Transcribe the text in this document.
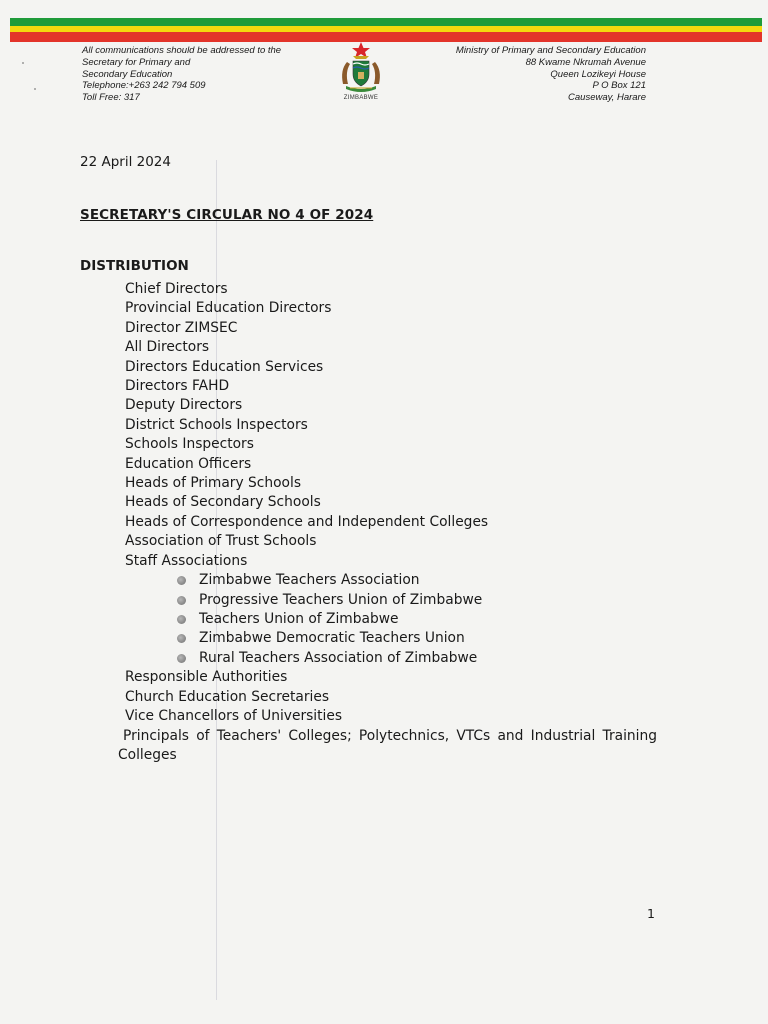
All communications should be addressed to the
Secretary for Primary and
Secondary Education
Telephone:+263 242 794 509
Toll Free: 317	ZIMBABWE
Ministry of Primary and Secondary Education
88 Kwame Nkrumah Avenue
Queen Lozikeyi House
P O Box 121
Causeway, Harare
22 April 2024
SECRETARY'S CIRCULAR NO 4 OF 2024
DISTRIBUTION
Chief Directors
Provincial Education Directors
Director ZIMSEC
All Directors
Directors Education Services
Directors FAHD
Deputy Directors
District Schools Inspectors
Schools Inspectors
Education Officers
Heads of Primary Schools
Heads of Secondary Schools
Heads of Correspondence and Independent Colleges
Association of Trust Schools
Staff Associations
Zimbabwe Teachers Association
Progressive Teachers Union of Zimbabwe
Teachers Union of Zimbabwe
Zimbabwe Democratic Teachers Union
Rural Teachers Association of Zimbabwe
Responsible Authorities
Church Education Secretaries
Vice Chancellors of Universities
Principals of Teachers' Colleges; Polytechnics, VTCs and Industrial Training
Colleges
1
